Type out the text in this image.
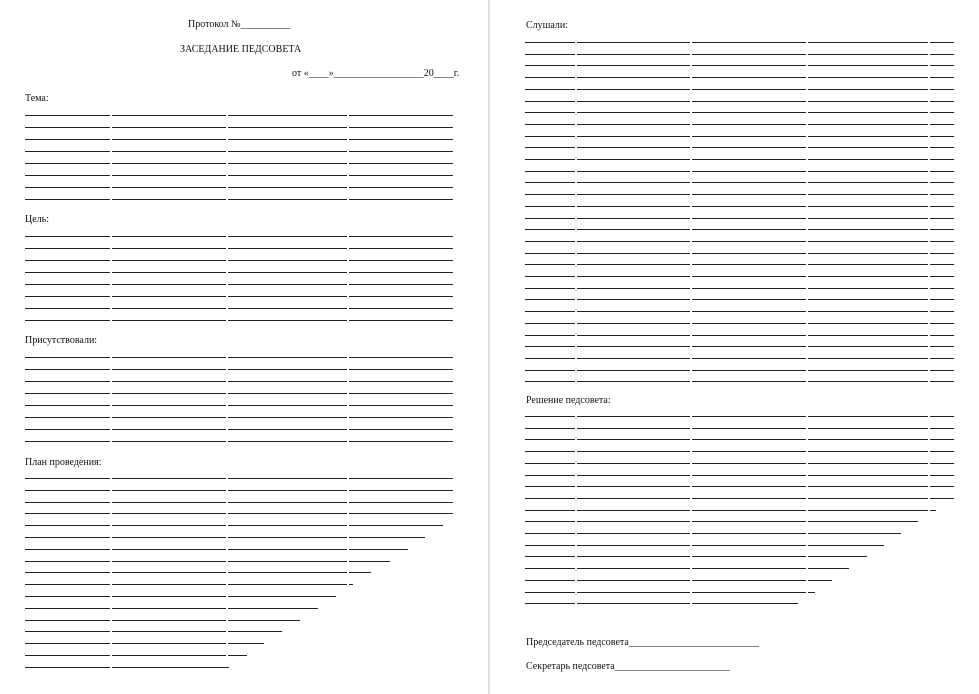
Протокол №__________
ЗАСЕДАНИЕ ПЕДСОВЕТА
от «____»__________________20____г.
Тема:
Цель:
Присутствовали:
План проведения:
Слушали:
Решение педсовета:
Председатель педсовета__________________________
Секретарь педсовета_______________________
